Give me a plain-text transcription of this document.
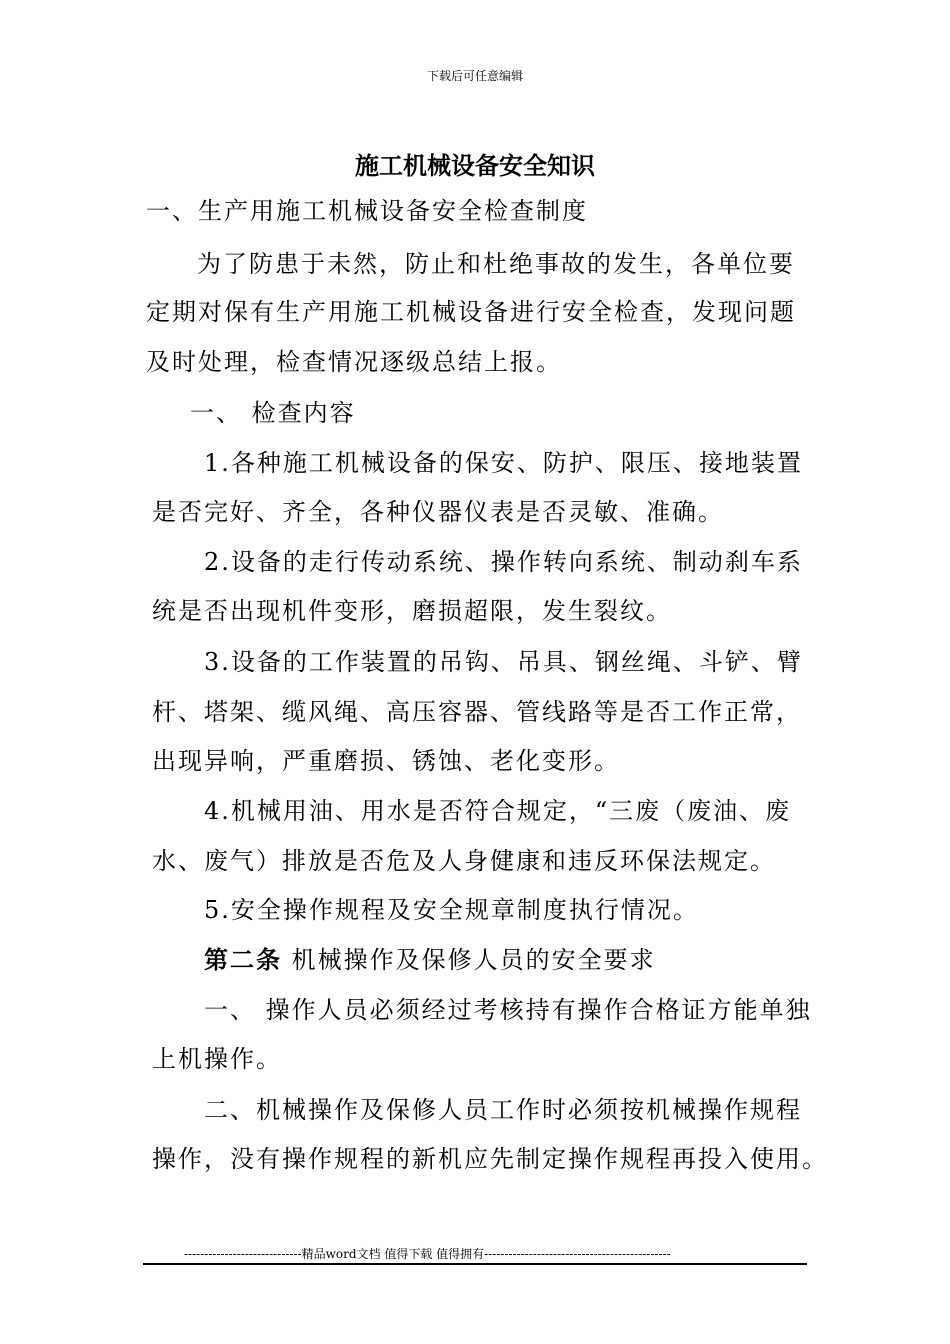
下载后可任意编辑
施工机械设备安全知识
一、生产用施工机械设备安全检查制度
为了防患于未然，防止和杜绝事故的发生，各单位要
定期对保有生产用施工机械设备进行安全检查，发现问题
及时处理，检查情况逐级总结上报。
一、 检查内容
1.各种施工机械设备的保安、防护、限压、接地装置
是否完好、齐全，各种仪器仪表是否灵敏、准确。
2.设备的走行传动系统、操作转向系统、制动刹车系
统是否出现机件变形，磨损超限，发生裂纹。
3.设备的工作装置的吊钩、吊具、钢丝绳、斗铲、臂
杆、塔架、缆风绳、高压容器、管线路等是否工作正常，
出现异响，严重磨损、锈蚀、老化变形。
4.机械用油、用水是否符合规定，“三废（废油、废
水、废气）排放是否危及人身健康和违反环保法规定。
5.安全操作规程及安全规章制度执行情况。
第二条 机械操作及保修人员的安全要求
一、 操作人员必须经过考核持有操作合格证方能单独
上机操作。
二、机械操作及保修人员工作时必须按机械操作规程
操作，没有操作规程的新机应先制定操作规程再投入使用。
-----------------------------精品word文档 值得下载 值得拥有----------------------------------------------
